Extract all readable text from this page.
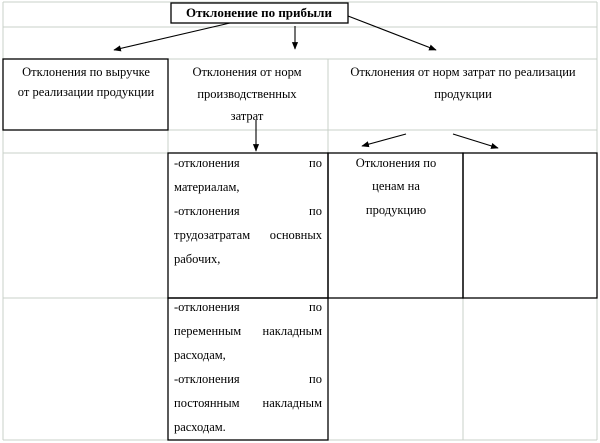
Отклонение по прибыли
Отклонения по выручке
от реализации продукции
Отклонения от норм
производственных
затрат
Отклонения от норм затрат по реализации
продукции
-отклонения	по
материалам,
-отклонения	по
трудозатратам основных
рабочих,
-отклонения	по
переменным накладным
расходам,
-отклонения	по
постоянным накладным
расходам.
Отклонения по
ценам на
продукцию
